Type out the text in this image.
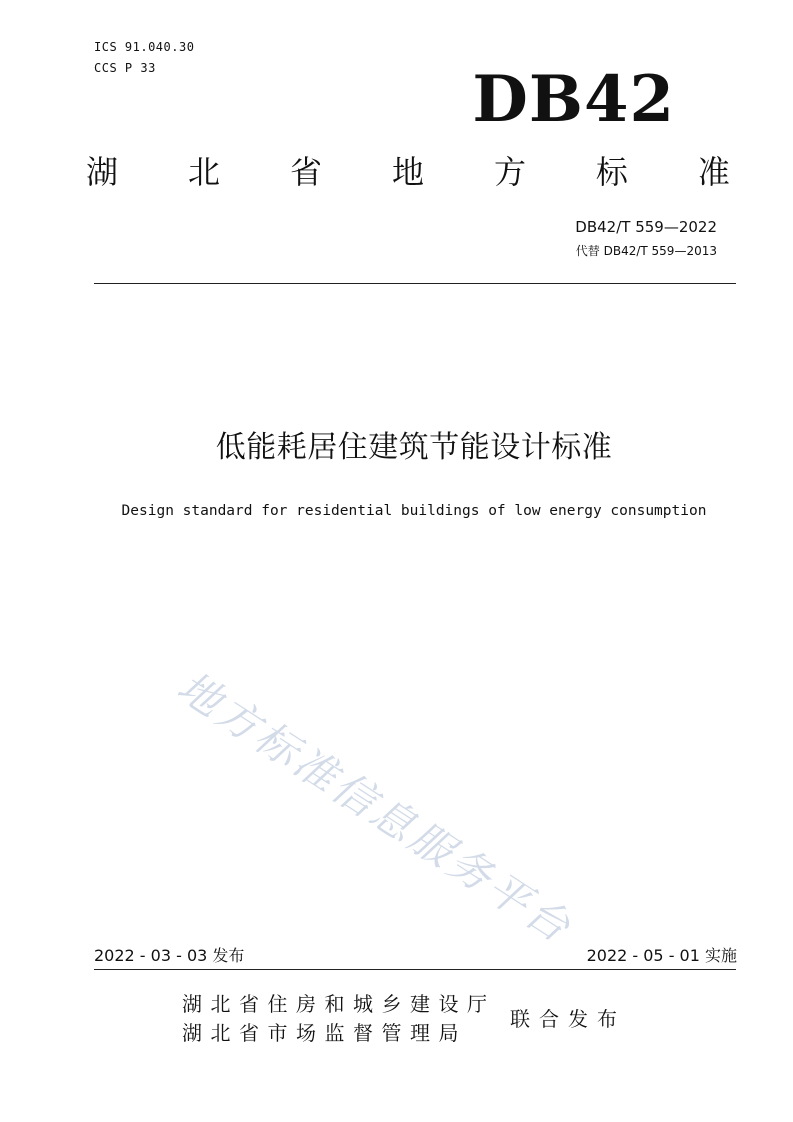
ICS 91.040.30
CCS P 33	DB42
湖 北 省 地 方 标 准
DB42/T 559—2022
代替 DB42/T 559—2013
低能耗居住建筑节能设计标准
Design standard for residential buildings of low energy consumption
地方标准信息服务平台
2022 - 03 - 03 发布	2022 - 05 - 01 实施
湖北省住房和城乡建设厅
湖北省市场监督管理局
联合发布
